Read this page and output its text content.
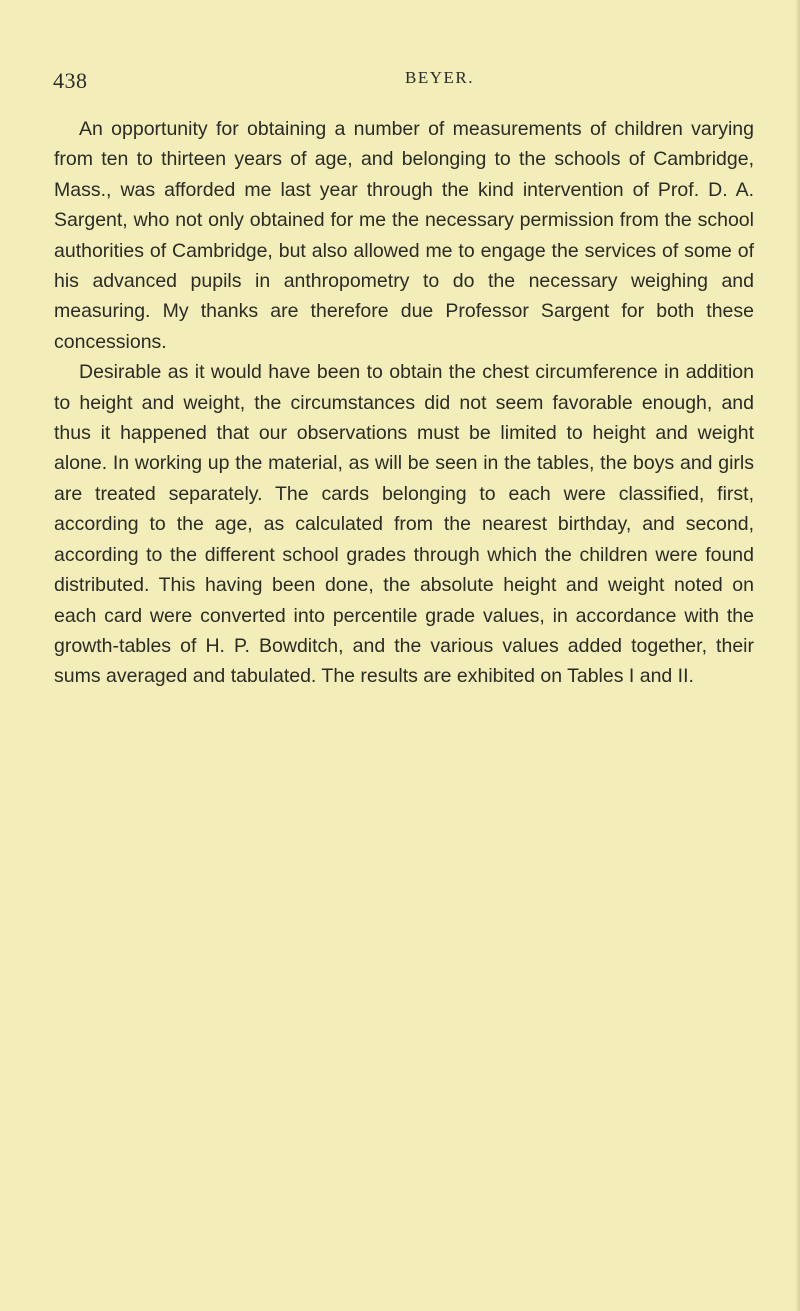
438	BEYER.

An opportunity for obtaining a number of measurements of children varying from ten to thirteen years of age, and belonging to the schools of Cambridge, Mass., was afforded me last year through the kind intervention of Prof. D. A. Sargent, who not only obtained for me the necessary permission from the school authorities of Cambridge, but also allowed me to engage the services of some of his advanced pupils in anthropometry to do the necessary weighing and measuring. My thanks are therefore due Professor Sargent for both these concessions.

Desirable as it would have been to obtain the chest circumference in addition to height and weight, the circumstances did not seem favorable enough, and thus it happened that our observations must be limited to height and weight alone. In working up the material, as will be seen in the tables, the boys and girls are treated separately. The cards belonging to each were classified, first, according to the age, as calculated from the nearest birthday, and second, according to the different school grades through which the children were found distributed. This having been done, the absolute height and weight noted on each card were converted into percentile grade values, in accordance with the growth-tables of H. P. Bowditch, and the various values added together, their sums averaged and tabulated. The results are exhibited on Tables I and II.
